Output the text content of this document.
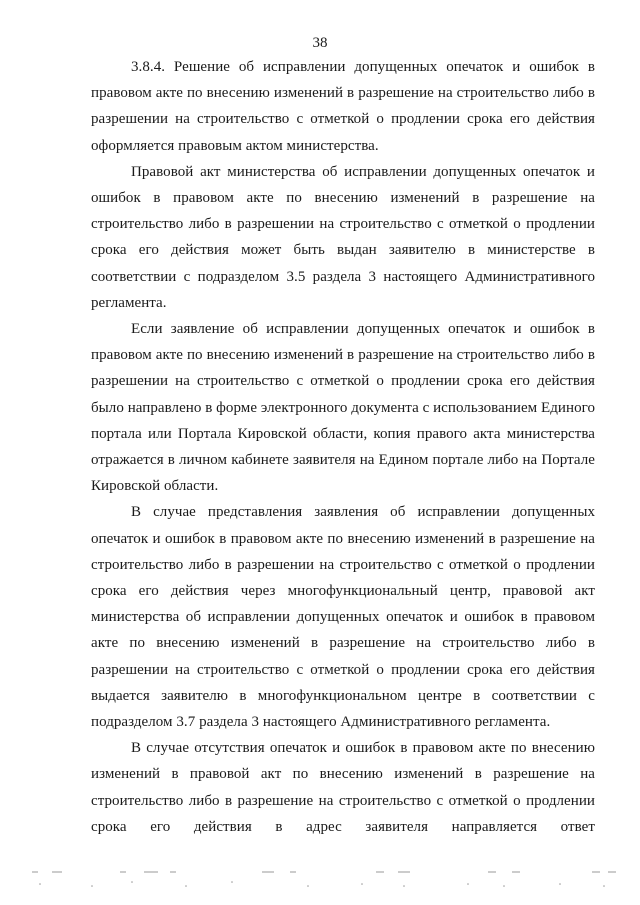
38

3.8.4. Решение об исправлении допущенных опечаток и ошибок в правовом акте по внесению изменений в разрешение на строительство либо в разрешении на строительство с отметкой о продлении срока его действия оформляется правовым актом министерства.

Правовой акт министерства об исправлении допущенных опечаток и ошибок в правовом акте по внесению изменений в разрешение на строительство либо в разрешении на строительство с отметкой о продлении срока его действия может быть выдан заявителю в министерстве в соответствии с подразделом 3.5 раздела 3 настоящего Административного регламента.

Если заявление об исправлении допущенных опечаток и ошибок в правовом акте по внесению изменений в разрешение на строительство либо в разрешении на строительство с отметкой о продлении срока его действия было направлено в форме электронного документа с использованием Единого портала или Портала Кировской области, копия правого акта министерства отражается в личном кабинете заявителя на Едином портале либо на Портале Кировской области.

В случае представления заявления об исправлении допущенных опечаток и ошибок в правовом акте по внесению изменений в разрешение на строительство либо в разрешении на строительство с отметкой о продлении срока его действия через многофункциональный центр, правовой акт министерства об исправлении допущенных опечаток и ошибок в правовом акте по внесению изменений в разрешение на строительство либо в разрешении на строительство с отметкой о продлении срока его действия выдается заявителю в многофункциональном центре в соответствии с подразделом 3.7 раздела 3 настоящего Административного регламента.

В случае отсутствия опечаток и ошибок в правовом акте по внесению изменений в правовой акт по внесению изменений в разрешение на строительство либо в разрешение на строительство с отметкой о продлении срока его действия в адрес заявителя направляется ответ
